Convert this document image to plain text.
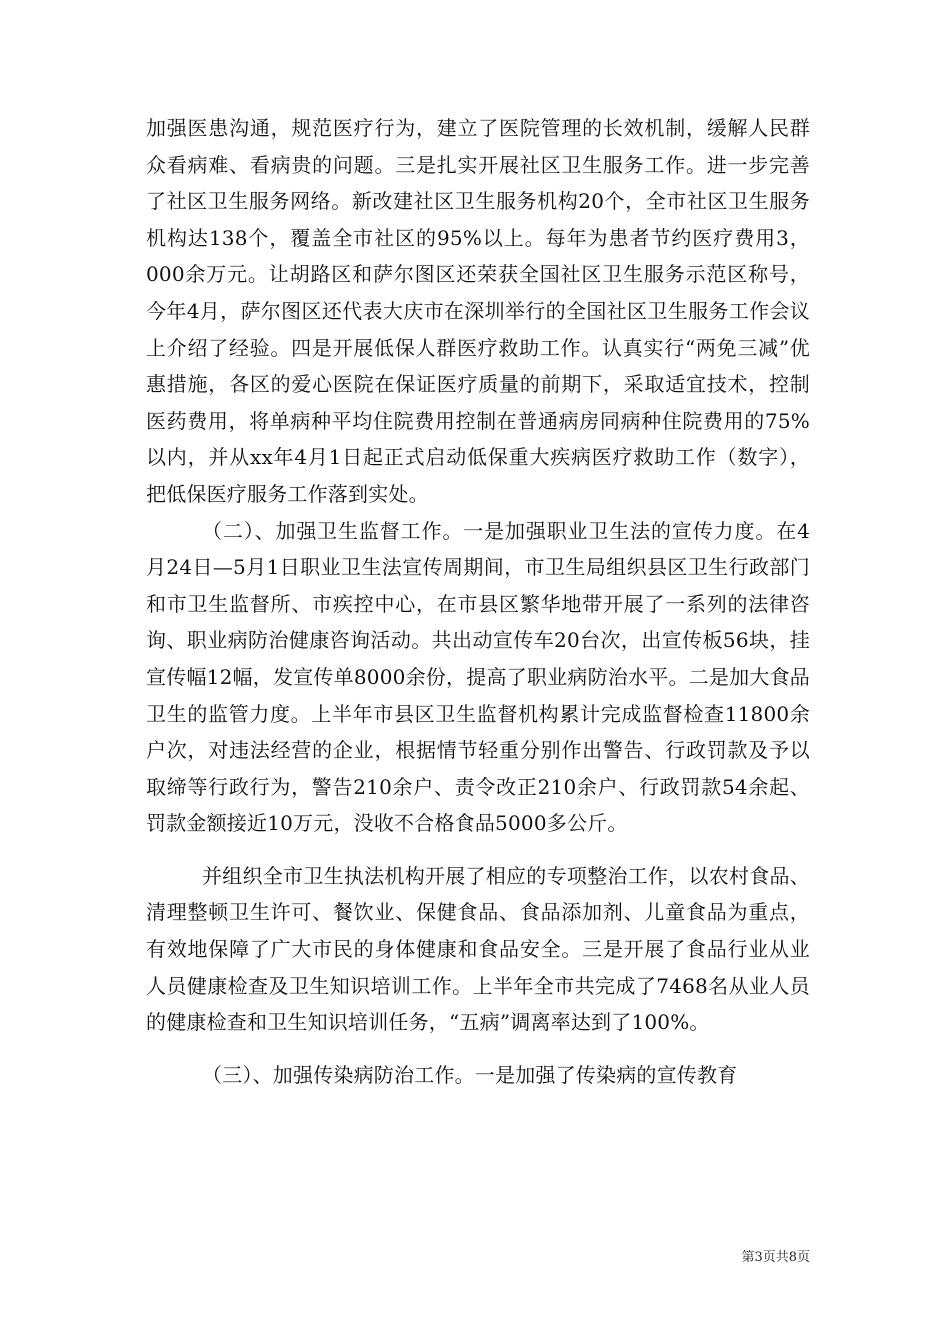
加强医患沟通，规范医疗行为，建立了医院管理的长效机制，缓解人民群众看病难、看病贵的问题。三是扎实开展社区卫生服务工作。进一步完善了社区卫生服务网络。新改建社区卫生服务机构20个，全市社区卫生服务机构达138个，覆盖全市社区的95%以上。每年为患者节约医疗费用3，000余万元。让胡路区和萨尔图区还荣获全国社区卫生服务示范区称号，今年4月，萨尔图区还代表大庆市在深圳举行的全国社区卫生服务工作会议上介绍了经验。四是开展低保人群医疗救助工作。认真实行“两免三减”优惠措施，各区的爱心医院在保证医疗质量的前期下，采取适宜技术，控制医药费用，将单病种平均住院费用控制在普通病房同病种住院费用的75%以内，并从xx年4月1日起正式启动低保重大疾病医疗救助工作（数字），把低保医疗服务工作落到实处。

（二）、加强卫生监督工作。一是加强职业卫生法的宣传力度。在4月24日—5月1日职业卫生法宣传周期间，市卫生局组织县区卫生行政部门和市卫生监督所、市疾控中心，在市县区繁华地带开展了一系列的法律咨询、职业病防治健康咨询活动。共出动宣传车20台次，出宣传板56块，挂宣传幅12幅，发宣传单8000余份，提高了职业病防治水平。二是加大食品卫生的监管力度。上半年市县区卫生监督机构累计完成监督检查11800余户次，对违法经营的企业，根据情节轻重分别作出警告、行政罚款及予以取缔等行政行为，警告210余户、责令改正210余户、行政罚款54余起、罚款金额接近10万元，没收不合格食品5000多公斤。

并组织全市卫生执法机构开展了相应的专项整治工作，以农村食品、清理整顿卫生许可、餐饮业、保健食品、食品添加剂、儿童食品为重点，有效地保障了广大市民的身体健康和食品安全。三是开展了食品行业从业人员健康检查及卫生知识培训工作。上半年全市共完成了7468名从业人员的健康检查和卫生知识培训任务，“五病”调离率达到了100%。

（三）、加强传染病防治工作。一是加强了传染病的宣传教育

第3页共8页
